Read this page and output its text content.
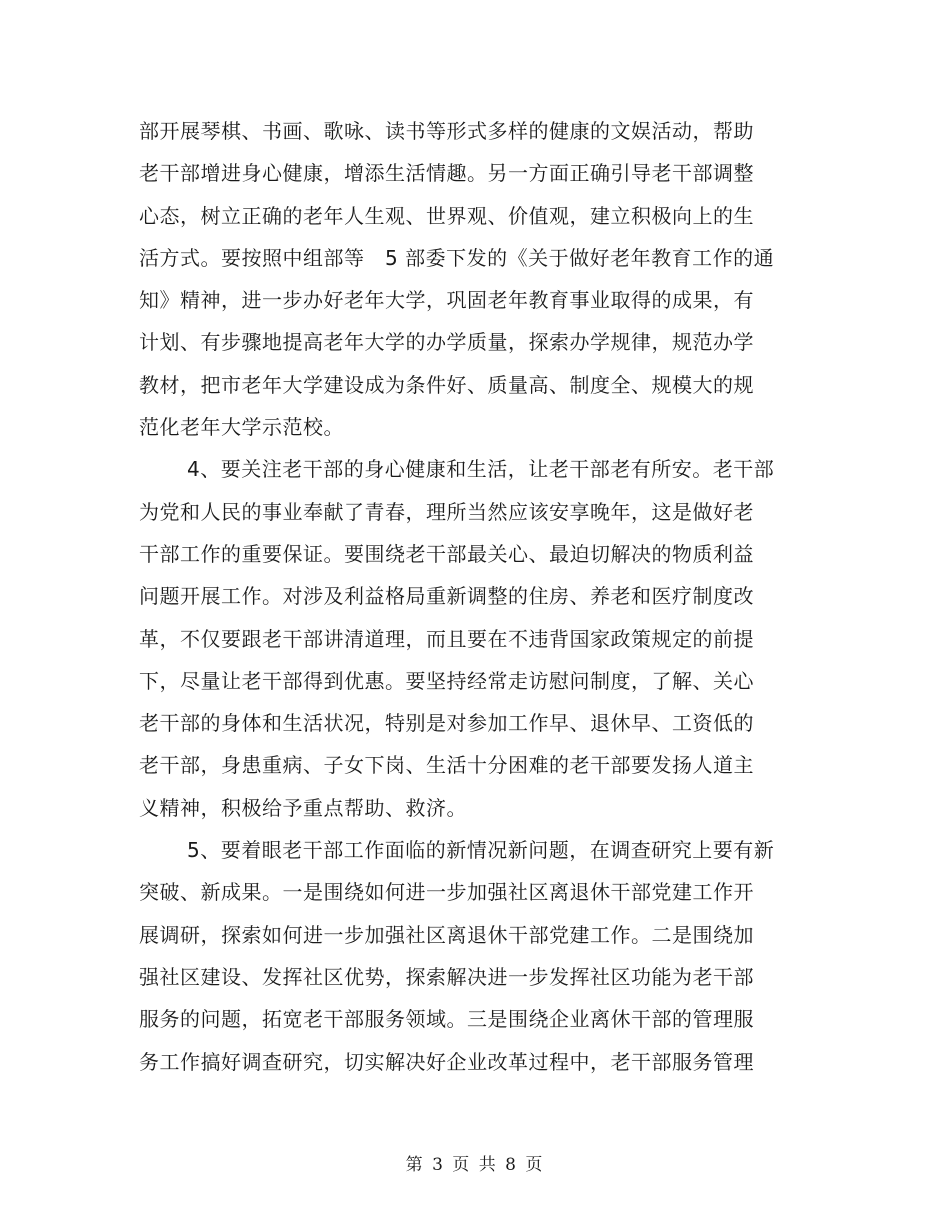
部开展琴棋、书画、歌咏、读书等形式多样的健康的文娱活动，帮助
老干部增进身心健康，增添生活情趣。另一方面正确引导老干部调整
心态，树立正确的老年人生观、世界观、价值观，建立积极向上的生
活方式。要按照中组部等　5 部委下发的《关于做好老年教育工作的通
知》精神，进一步办好老年大学，巩固老年教育事业取得的成果，有
计划、有步骤地提高老年大学的办学质量，探索办学规律，规范办学
教材，把市老年大学建设成为条件好、质量高、制度全、规模大的规
范化老年大学示范校。
4、要关注老干部的身心健康和生活，让老干部老有所安。老干部
为党和人民的事业奉献了青春，理所当然应该安享晚年，这是做好老
干部工作的重要保证。要围绕老干部最关心、最迫切解决的物质利益
问题开展工作。对涉及利益格局重新调整的住房、养老和医疗制度改
革，不仅要跟老干部讲清道理，而且要在不违背国家政策规定的前提
下，尽量让老干部得到优惠。要坚持经常走访慰问制度，了解、关心
老干部的身体和生活状况，特别是对参加工作早、退休早、工资低的
老干部，身患重病、子女下岗、生活十分困难的老干部要发扬人道主
义精神，积极给予重点帮助、救济。
5、要着眼老干部工作面临的新情况新问题，在调查研究上要有新
突破、新成果。一是围绕如何进一步加强社区离退休干部党建工作开
展调研，探索如何进一步加强社区离退休干部党建工作。二是围绕加
强社区建设、发挥社区优势，探索解决进一步发挥社区功能为老干部
服务的问题，拓宽老干部服务领域。三是围绕企业离休干部的管理服
务工作搞好调查研究，切实解决好企业改革过程中，老干部服务管理
第 3 页 共 8 页
